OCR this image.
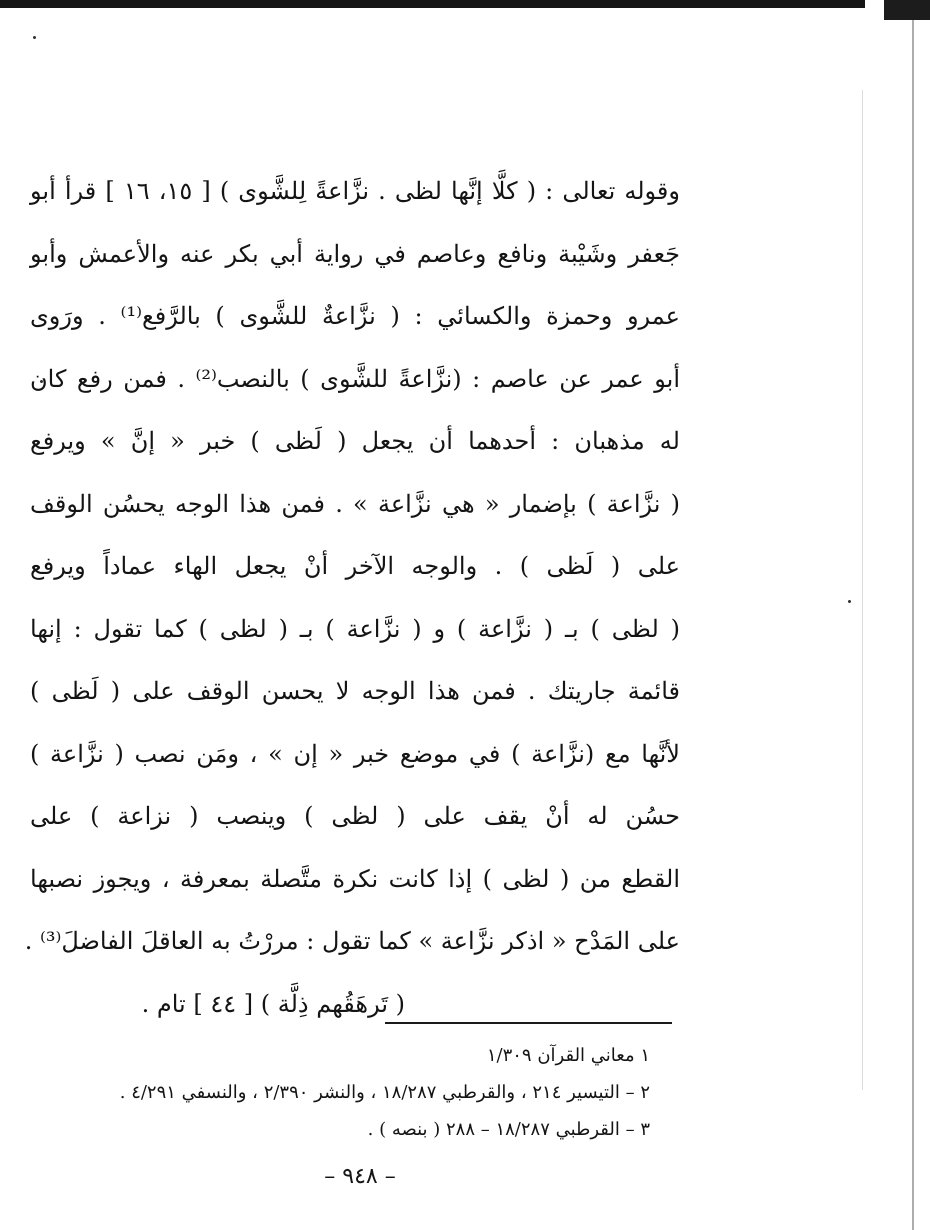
وقوله تعالى : ( كلَّا إنَّها لظى . نزَّاعةً لِلشَّوى ) [ ١٥، ١٦ ] قرأ أبو
جَعفر وشَيْبة ونافع وعاصم في رواية أبي بكر عنه والأعمش وأبو
عمرو وحمزة والكسائي : ( نزَّاعةٌ للشَّوى ) بالرَّفع⁽¹⁾ . ورَوى
أبو عمر عن عاصم : (نزَّاعةً للشَّوى ) بالنصب⁽²⁾ . فمن رفع كان
له مذهبان : أحدهما أن يجعل ( لَظى ) خبر « إنَّ » ويرفع
( نزَّاعة ) بإضمار « هي نزَّاعة » . فمن هذا الوجه يحسُن الوقف
على ( لَظى ) . والوجه الآخر أنْ يجعل الهاء عماداً ويرفع
( لظى ) بـ ( نزَّاعة ) و ( نزَّاعة ) بـ ( لظى ) كما تقول : إنها
قائمة جاريتك . فمن هذا الوجه لا يحسن الوقف على ( لَظى )
لأنَّها مع (نزَّاعة ) في موضع خبر « إن » ، ومَن نصب ( نزَّاعة )
حسُن له أنْ يقف على ( لظى ) وينصب ( نزاعة ) على
القطع من ( لظى ) إذا كانت نكرة متَّصلة بمعرفة ، ويجوز نصبها
على المَدْح « اذكر نزَّاعة » كما تقول : مررْتُ به العاقلَ الفاضلَ⁽³⁾ .
( تَرهَقُهم ذِلَّة ) [ ٤٤ ] تام .
١ معاني القرآن ١/٣٠٩
٢ – التيسير ٢١٤ ، والقرطبي ١٨/٢٨٧ ، والنشر ٢/٣٩٠ ، والنسفي ٤/٢٩١ .
٣ – القرطبي ١٨/٢٨٧ – ٢٨٨ ( بنصه ) .
– ٩٤٨ –
